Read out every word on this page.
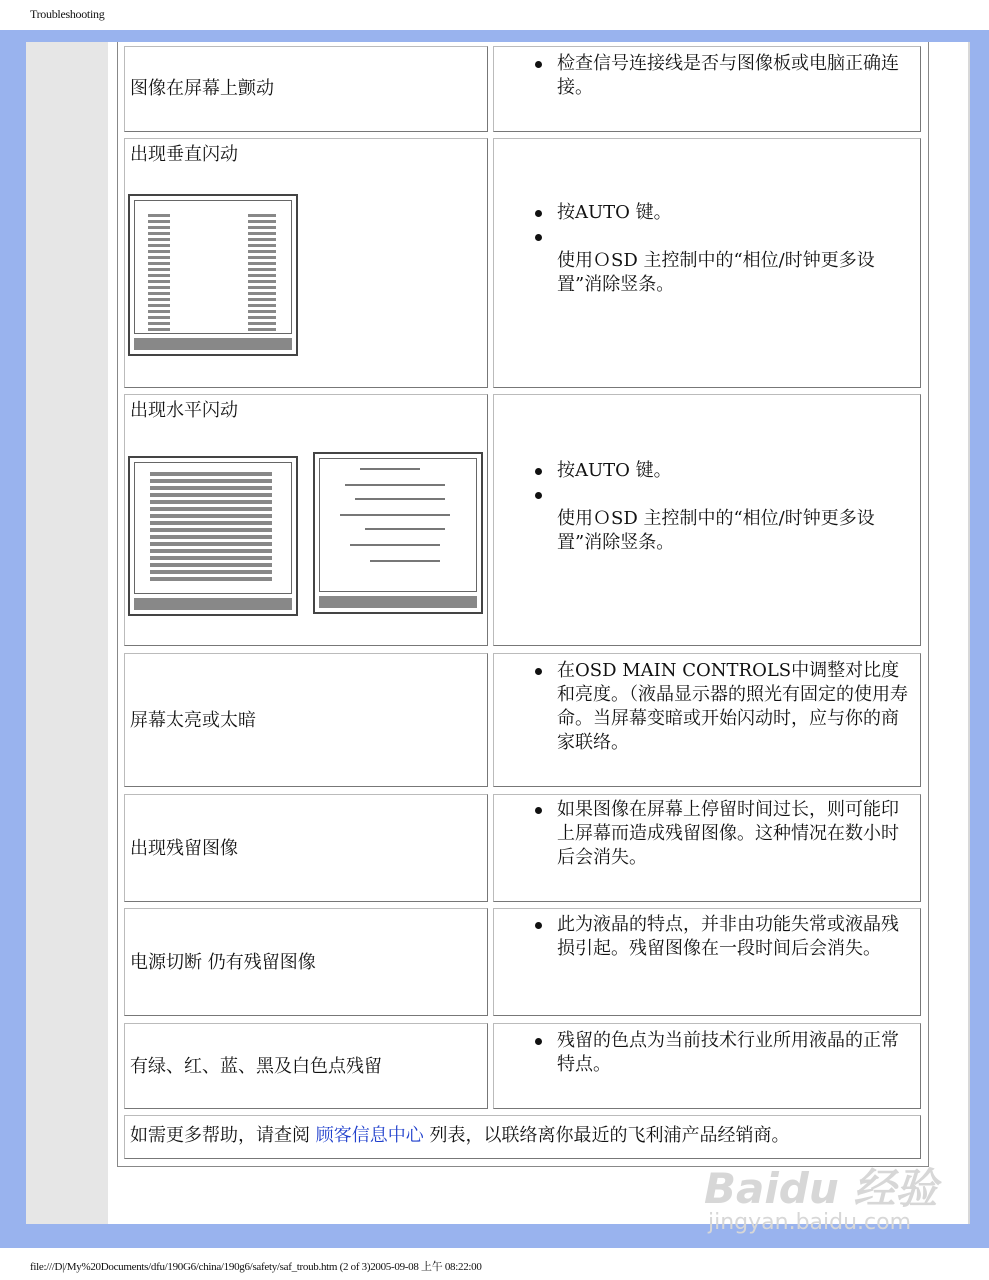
Troubleshooting
图像在屏幕上颤动
检查信号连接线是否与图像板或电脑正确连接。
出现垂直闪动
按AUTO 键。
使用ＯSD 主控制中的“相位/时钟更多设置”消除竖条。
出现水平闪动
按AUTO 键。
使用ＯSD 主控制中的“相位/时钟更多设置”消除竖条。
屏幕太亮或太暗
在OSD MAIN CONTROLS中调整对比度和亮度。（液晶显示器的照光有固定的使用寿命。当屏幕变暗或开始闪动时，应与你的商家联络。
出现残留图像
如果图像在屏幕上停留时间过长，则可能印上屏幕而造成残留图像。这种情况在数小时后会消失。
电源切断 仍有残留图像
此为液晶的特点，并非由功能失常或液晶残损引起。残留图像在一段时间后会消失。
有绿、红、蓝、黑及白色点残留
残留的色点为当前技术行业所用液晶的正常特点。
如需更多帮助，请查阅 顾客信息中心 列表，以联络离你最近的飞利浦产品经销商。
Baidu 经验
jingyan.baidu.com
file:///D|/My%20Documents/dfu/190G6/china/190g6/safety/saf_troub.htm (2 of 3)2005-09-08 上午 08:22:00
